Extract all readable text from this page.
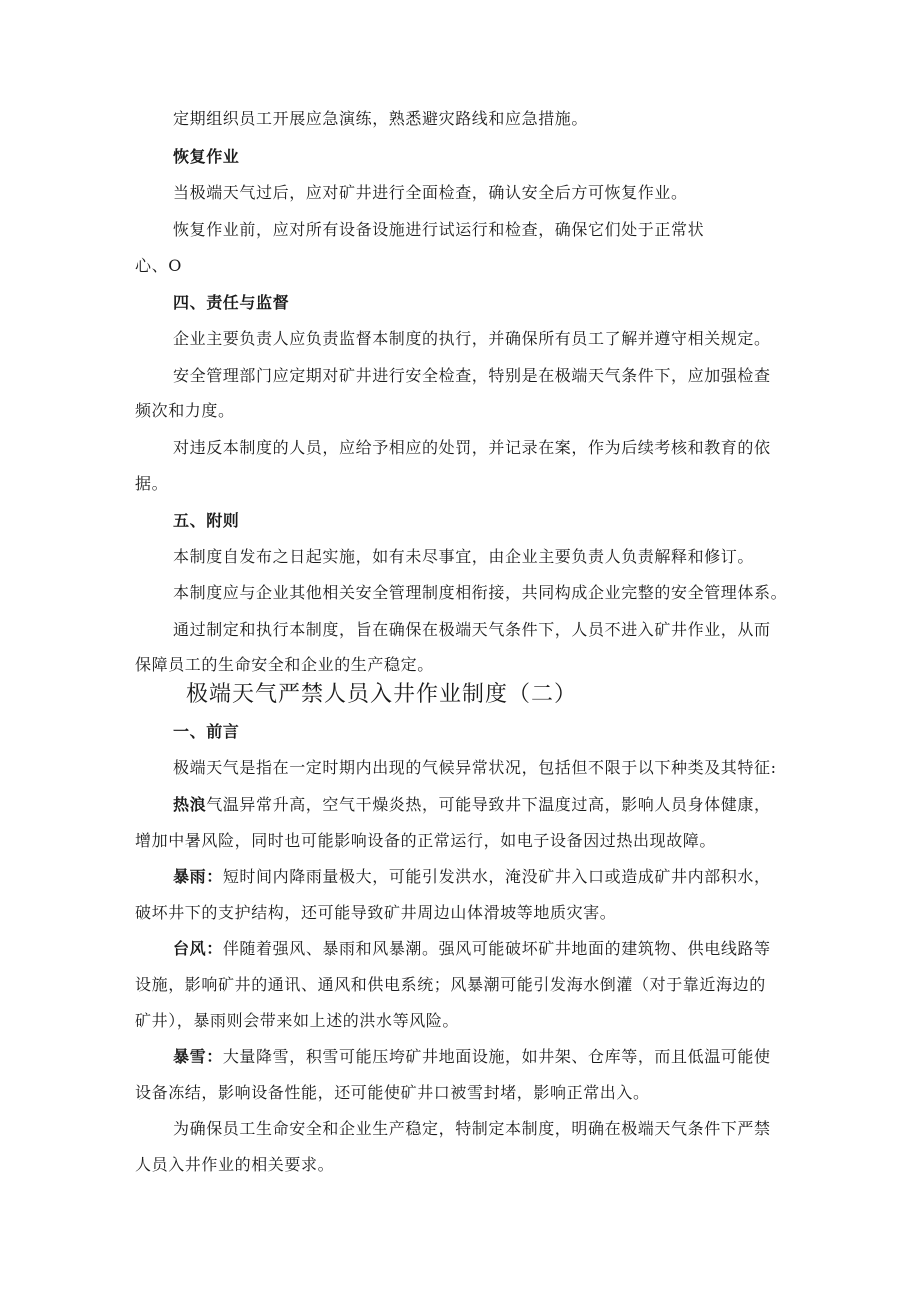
定期组织员工开展应急演练，熟悉避灾路线和应急措施。
恢复作业
当极端天气过后，应对矿井进行全面检查，确认安全后方可恢复作业。
恢复作业前，应对所有设备设施进行试运行和检查，确保它们处于正常状
心、O
四、责任与监督
企业主要负责人应负责监督本制度的执行，并确保所有员工了解并遵守相关规定。
安全管理部门应定期对矿井进行安全检查，特别是在极端天气条件下，应加强检查
频次和力度。
对违反本制度的人员，应给予相应的处罚，并记录在案，作为后续考核和教育的依
据。
五、附则
本制度自发布之日起实施，如有未尽事宜，由企业主要负责人负责解释和修订。
本制度应与企业其他相关安全管理制度相衔接，共同构成企业完整的安全管理体系。
通过制定和执行本制度，旨在确保在极端天气条件下，人员不进入矿井作业，从而
保障员工的生命安全和企业的生产稳定。
极端天气严禁人员入井作业制度（二）
一、前言
极端天气是指在一定时期内出现的气候异常状况，包括但不限于以下种类及其特征:
热浪气温异常升高，空气干燥炎热，可能导致井下温度过高，影响人员身体健康，
增加中暑风险，同时也可能影响设备的正常运行，如电子设备因过热出现故障。
暴雨：短时间内降雨量极大，可能引发洪水，淹没矿井入口或造成矿井内部积水，
破坏井下的支护结构，还可能导致矿井周边山体滑坡等地质灾害。
台风：伴随着强风、暴雨和风暴潮。强风可能破坏矿井地面的建筑物、供电线路等
设施，影响矿井的通讯、通风和供电系统；风暴潮可能引发海水倒灌（对于靠近海边的
矿井），暴雨则会带来如上述的洪水等风险。
暴雪：大量降雪，积雪可能压垮矿井地面设施，如井架、仓库等，而且低温可能使
设备冻结，影响设备性能，还可能使矿井口被雪封堵，影响正常出入。
为确保员工生命安全和企业生产稳定，特制定本制度，明确在极端天气条件下严禁
人员入井作业的相关要求。
